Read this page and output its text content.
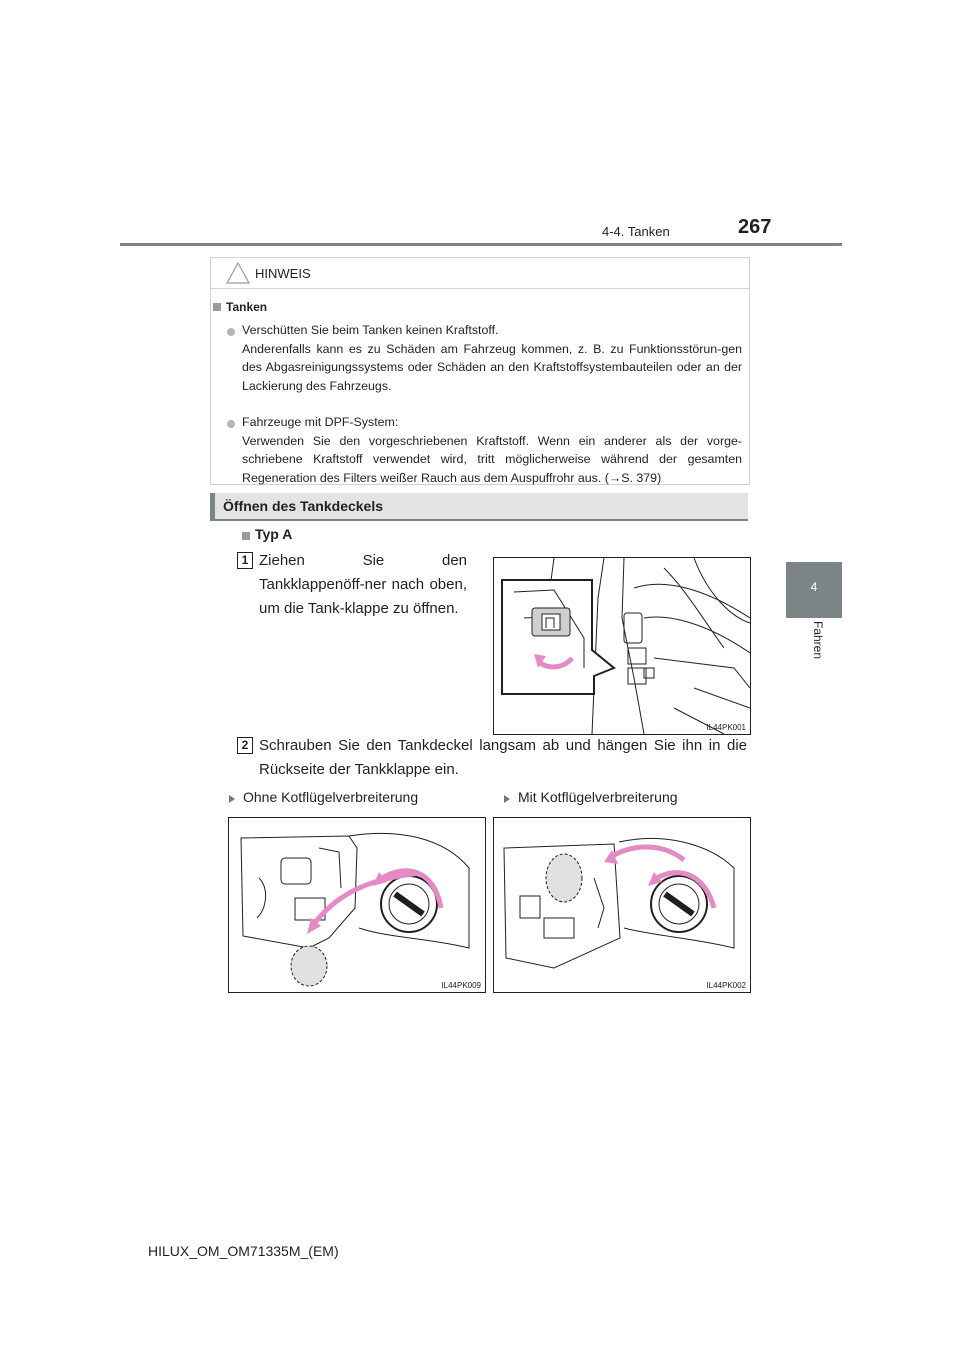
4-4. Tanken	267
4
Fahren
HINWEIS
Tanken
Verschütten Sie beim Tanken keinen Kraftstoff.
Anderenfalls kann es zu Schäden am Fahrzeug kommen, z. B. zu Funktionsstörun-gen des Abgasreinigungssystems oder Schäden an den Kraftstoffsystembauteilen oder an der Lackierung des Fahrzeugs.
Fahrzeuge mit DPF-System:
Verwenden Sie den vorgeschriebenen Kraftstoff. Wenn ein anderer als der vorge-schriebene Kraftstoff verwendet wird, tritt möglicherweise während der gesamten Regeneration des Filters weißer Rauch aus dem Auspuffrohr aus. (→S. 379)
Öffnen des Tankdeckels
Typ A
1 Ziehen Sie den Tankklappenöff-ner nach oben, um die Tank-klappe zu öffnen.
IL44PK001
2 Schrauben Sie den Tankdeckel langsam ab und hängen Sie ihn in die Rückseite der Tankklappe ein.
Ohne Kotflügelverbreiterung	Mit Kotflügelverbreiterung
IL44PK009	IL44PK002
HILUX_OM_OM71335M_(EM)
